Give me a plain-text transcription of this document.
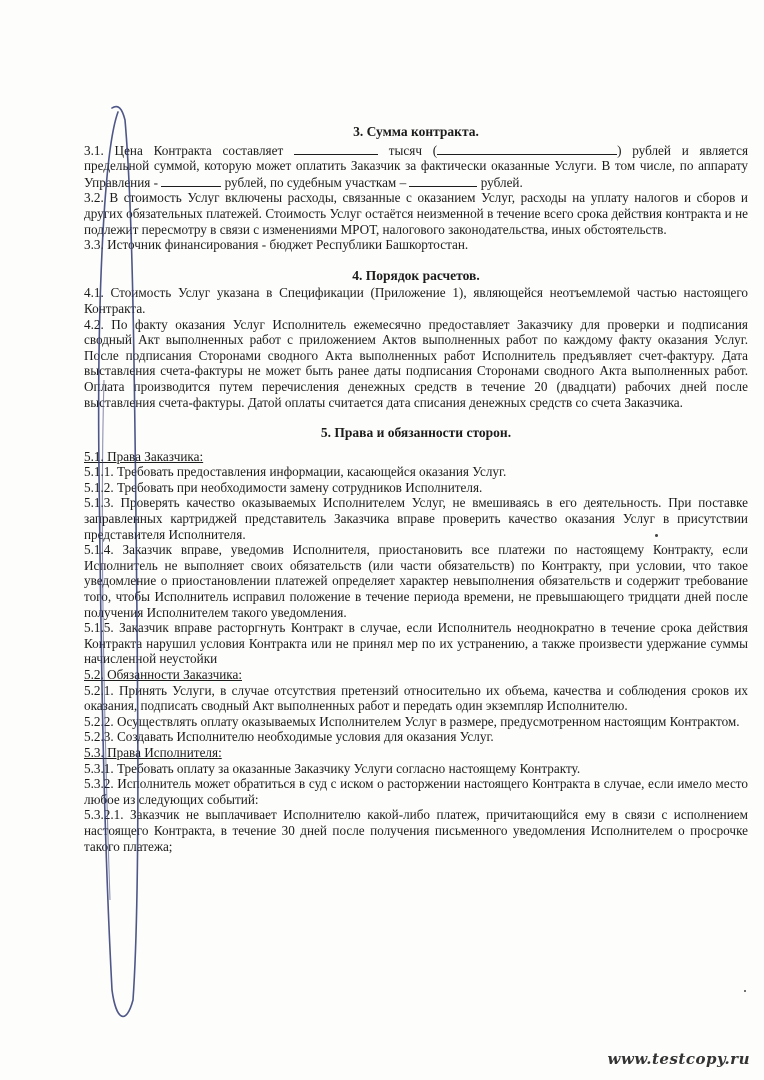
3. Сумма контракта.

3.1. Цена Контракта составляет	тысяч (	) рублей и является предельной суммой, которую может оплатить Заказчик за фактически оказанные Услуги. В том числе, по аппарату Управления -	рублей, по судебным участкам –	рублей.

3.2. В стоимость Услуг включены расходы, связанные с оказанием Услуг, расходы на уплату налогов и сборов и других обязательных платежей. Стоимость Услуг остаётся неизменной в течение всего срока действия контракта и не подлежит пересмотру в связи с изменениями МРОТ, налогового законодательства, иных обстоятельств.

3.3. Источник финансирования - бюджет Республики Башкортостан.

4. Порядок расчетов.

4.1. Стоимость Услуг указана в Спецификации (Приложение 1), являющейся неотъемлемой частью настоящего Контракта.

4.2. По факту оказания Услуг Исполнитель ежемесячно предоставляет Заказчику для проверки и подписания сводный Акт выполненных работ с приложением Актов выполненных работ по каждому факту оказания Услуг. После подписания Сторонами сводного Акта выполненных работ Исполнитель предъявляет счет-фактуру. Дата выставления счета-фактуры не может быть ранее даты подписания Сторонами сводного Акта выполненных работ. Оплата производится путем перечисления денежных средств в течение 20 (двадцати) рабочих дней после выставления счета-фактуры. Датой оплаты считается дата списания денежных средств со счета Заказчика.

5. Права и обязанности сторон.

5.1. Права Заказчика:

5.1.1. Требовать предоставления информации, касающейся оказания Услуг.

5.1.2. Требовать при необходимости замену сотрудников Исполнителя.

5.1.3. Проверять качество оказываемых Исполнителем Услуг, не вмешиваясь в его деятельность. При поставке заправленных картриджей представитель Заказчика вправе проверить качество оказания Услуг в присутствии представителя Исполнителя.

5.1.4. Заказчик вправе, уведомив Исполнителя, приостановить все платежи по настоящему Контракту, если Исполнитель не выполняет своих обязательств (или части обязательств) по Контракту, при условии, что такое уведомление о приостановлении платежей определяет характер невыполнения обязательств и содержит требование того, чтобы Исполнитель исправил положение в течение периода времени, не превышающего тридцати дней после получения Исполнителем такого уведомления.

5.1.5. Заказчик вправе расторгнуть Контракт в случае, если Исполнитель неоднократно в течение срока действия Контракта нарушил условия Контракта или не принял мер по их устранению, а также произвести удержание суммы начисленной неустойки

5.2. Обязанности Заказчика:

5.2.1. Принять Услуги, в случае отсутствия претензий относительно их объема, качества и соблюдения сроков их оказания, подписать сводный Акт выполненных работ и передать один экземпляр Исполнителю.

5.2.2. Осуществлять оплату оказываемых Исполнителем Услуг в размере, предусмотренном настоящим Контрактом.

5.2.3. Создавать Исполнителю необходимые условия для оказания Услуг.

5.3. Права Исполнителя:

5.3.1. Требовать оплату за оказанные Заказчику Услуги согласно настоящему Контракту.

5.3.2. Исполнитель может обратиться в суд с иском о расторжении настоящего Контракта в случае, если имело место любое из следующих событий:

5.3.2.1. Заказчик не выплачивает Исполнителю какой-либо платеж, причитающийся ему в связи с исполнением настоящего Контракта, в течение 30 дней после получения письменного уведомления Исполнителем о просрочке такого платежа;

www.testcopy.ru
